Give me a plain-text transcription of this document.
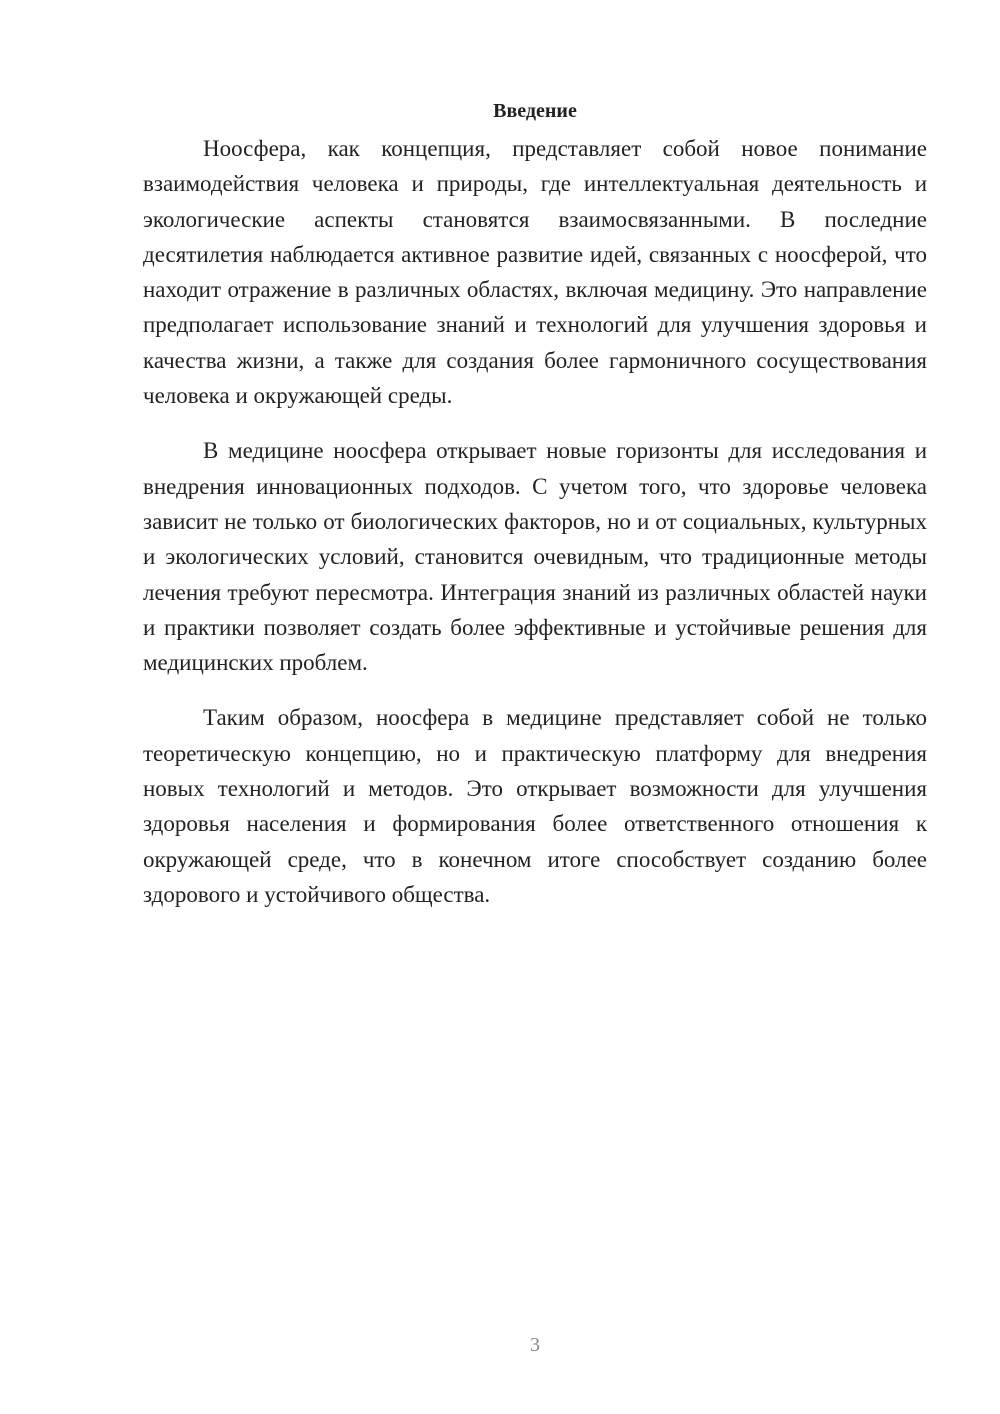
Введение

Ноосфера, как концепция, представляет собой новое понимание взаимодействия человека и природы, где интеллектуальная деятельность и экологические аспекты становятся взаимосвязанными. В последние десятилетия наблюдается активное развитие идей, связанных с ноосферой, что находит отражение в различных областях, включая медицину. Это направление предполагает использование знаний и технологий для улучшения здоровья и качества жизни, а также для создания более гармоничного сосуществования человека и окружающей среды.

В медицине ноосфера открывает новые горизонты для исследования и внедрения инновационных подходов. С учетом того, что здоровье человека зависит не только от биологических факторов, но и от социальных, культурных и экологических условий, становится очевидным, что традиционные методы лечения требуют пересмотра. Интеграция знаний из различных областей науки и практики позволяет создать более эффективные и устойчивые решения для медицинских проблем.

Таким образом, ноосфера в медицине представляет собой не только теоретическую концепцию, но и практическую платформу для внедрения новых технологий и методов. Это открывает возможности для улучшения здоровья населения и формирования более ответственного отношения к окружающей среде, что в конечном итоге способствует созданию более здорового и устойчивого общества.

3
